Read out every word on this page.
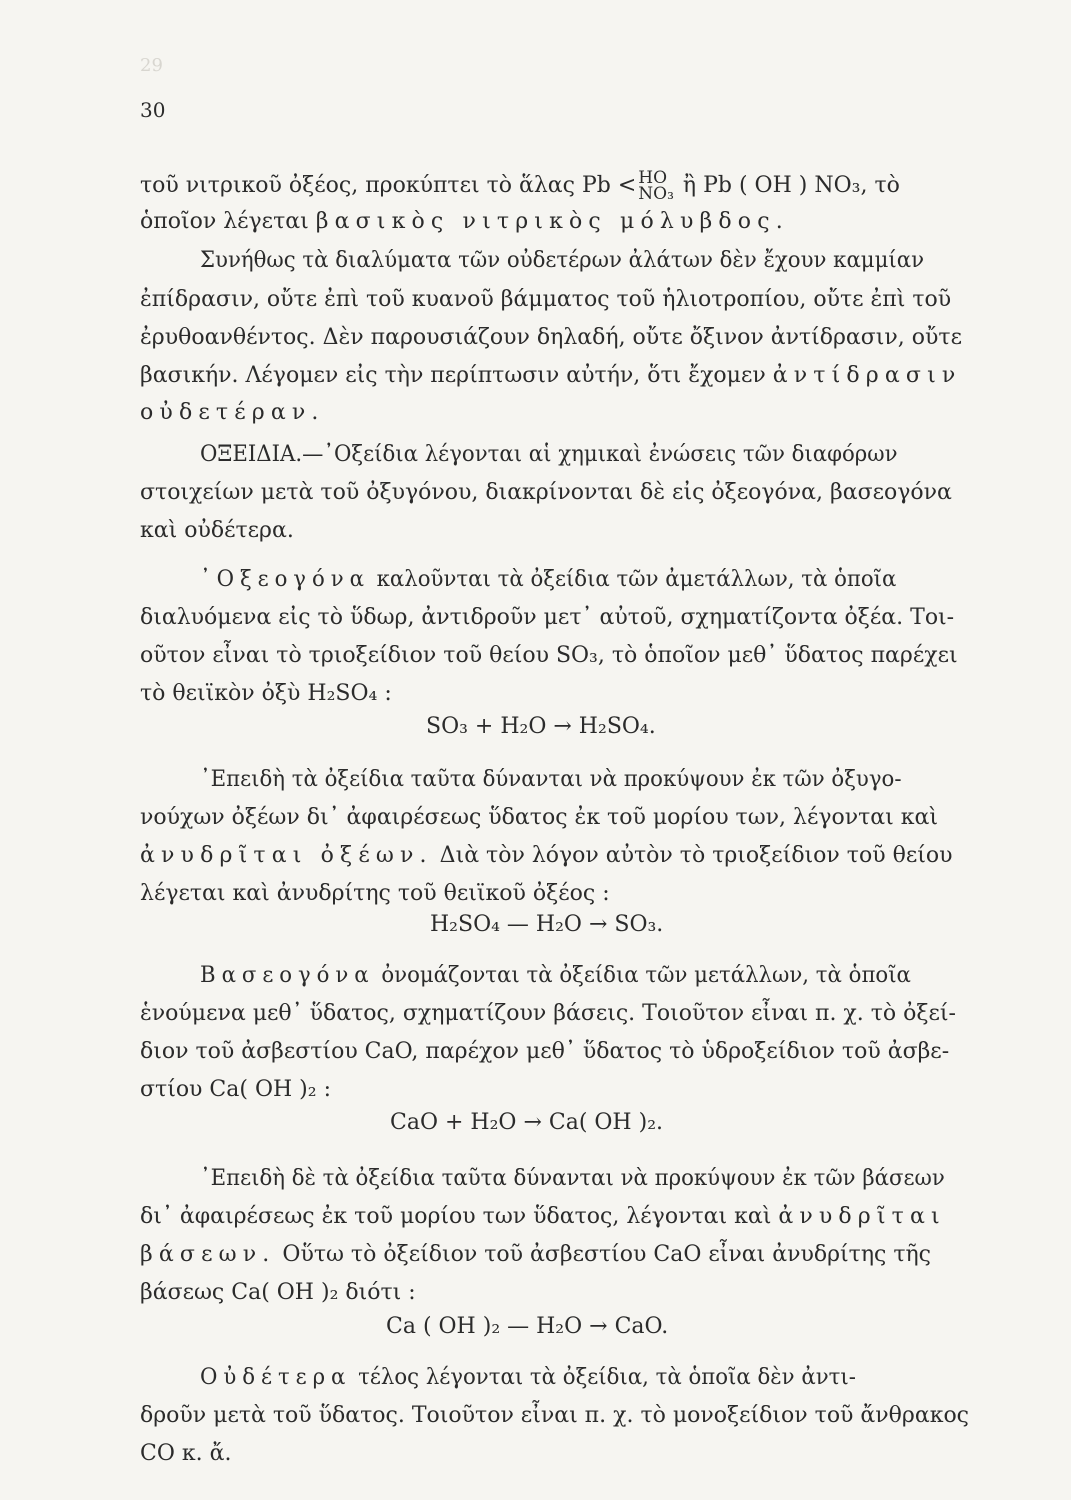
29
30
τοῦ νιτρικοῦ ὀξέος, προκύπτει τὸ ἅλας Pb < HO
NO₃ ἢ Pb ( OH ) NO₃, τὸ
ὁποῖον λέγεται βασικὸς νιτρικὸς μόλυβδος.
Συνήθως τὰ διαλύματα τῶν οὐδετέρων ἀλάτων δὲν ἔχουν καμμίαν
ἐπίδρασιν, οὔτε ἐπὶ τοῦ κυανοῦ βάμματος τοῦ ἡλιοτροπίου, οὔτε ἐπὶ τοῦ
ἐρυθοανθέντος. Δὲν παρουσιάζουν δηλαδή, οὔτε ὄξινον ἀντίδρασιν, οὔτε
βασικήν. Λέγομεν εἰς τὴν περίπτωσιν αὐτήν, ὅτι ἔχομεν ἀντίδρασιν
οὐδετέραν.
ΟΞΕΙΔΙΑ.—᾿Οξείδια λέγονται αἱ χημικαὶ ἐνώσεις τῶν διαφόρων
στοιχείων μετὰ τοῦ ὀξυγόνου, διακρίνονται δὲ εἰς ὀξεογόνα, βασεογόνα
καὶ οὐδέτερα.
᾿Οξεογόνα καλοῦνται τὰ ὀξείδια τῶν ἀμετάλλων, τὰ ὁποῖα
διαλυόμενα εἰς τὸ ὕδωρ, ἀντιδροῦν μετ᾿ αὐτοῦ, σχηματίζοντα ὀξέα. Τοι-
οῦτον εἶναι τὸ τριοξείδιον τοῦ θείου SO₃, τὸ ὁποῖον μεθ᾿ ὕδατος παρέχει
τὸ θειϊκὸν ὀξὺ H₂SO₄ :
SO₃ + H₂O → H₂SO₄.
᾿Επειδὴ τὰ ὀξείδια ταῦτα δύνανται νὰ προκύψουν ἐκ τῶν ὀξυγο-
νούχων ὀξέων δι᾿ ἀφαιρέσεως ὕδατος ἐκ τοῦ μορίου των, λέγονται καὶ
ἀνυδρῖται ὀξέων. Διὰ τὸν λόγον αὐτὸν τὸ τριοξείδιον τοῦ θείου
λέγεται καὶ ἀνυδρίτης τοῦ θειϊκοῦ ὀξέος :
H₂SO₄ — H₂O → SO₃.
Βασεογόνα ὀνομάζονται τὰ ὀξείδια τῶν μετάλλων, τὰ ὁποῖα
ἑνούμενα μεθ᾿ ὕδατος, σχηματίζουν βάσεις. Τοιοῦτον εἶναι π. χ. τὸ ὀξεί-
διον τοῦ ἀσβεστίου CaO, παρέχον μεθ᾿ ὕδατος τὸ ὑδροξείδιον τοῦ ἀσβε-
στίου Ca( OH )₂ :
CaO + H₂O → Ca( OH )₂.
᾿Επειδὴ δὲ τὰ ὀξείδια ταῦτα δύνανται νὰ προκύψουν ἐκ τῶν βάσεων
δι᾿ ἀφαιρέσεως ἐκ τοῦ μορίου των ὕδατος, λέγονται καὶ ἀνυδρῖται
βάσεων. Οὕτω τὸ ὀξείδιον τοῦ ἀσβεστίου CaO εἶναι ἀνυδρίτης τῆς
βάσεως Ca( OH )₂ διότι :
Ca ( OH )₂ — H₂O → CaO.
Οὐδέτερα τέλος λέγονται τὰ ὀξείδια, τὰ ὁποῖα δὲν ἀντι-
δροῦν μετὰ τοῦ ὕδατος. Τοιοῦτον εἶναι π. χ. τὸ μονοξείδιον τοῦ ἄνθρακος
CO κ. ἄ.
